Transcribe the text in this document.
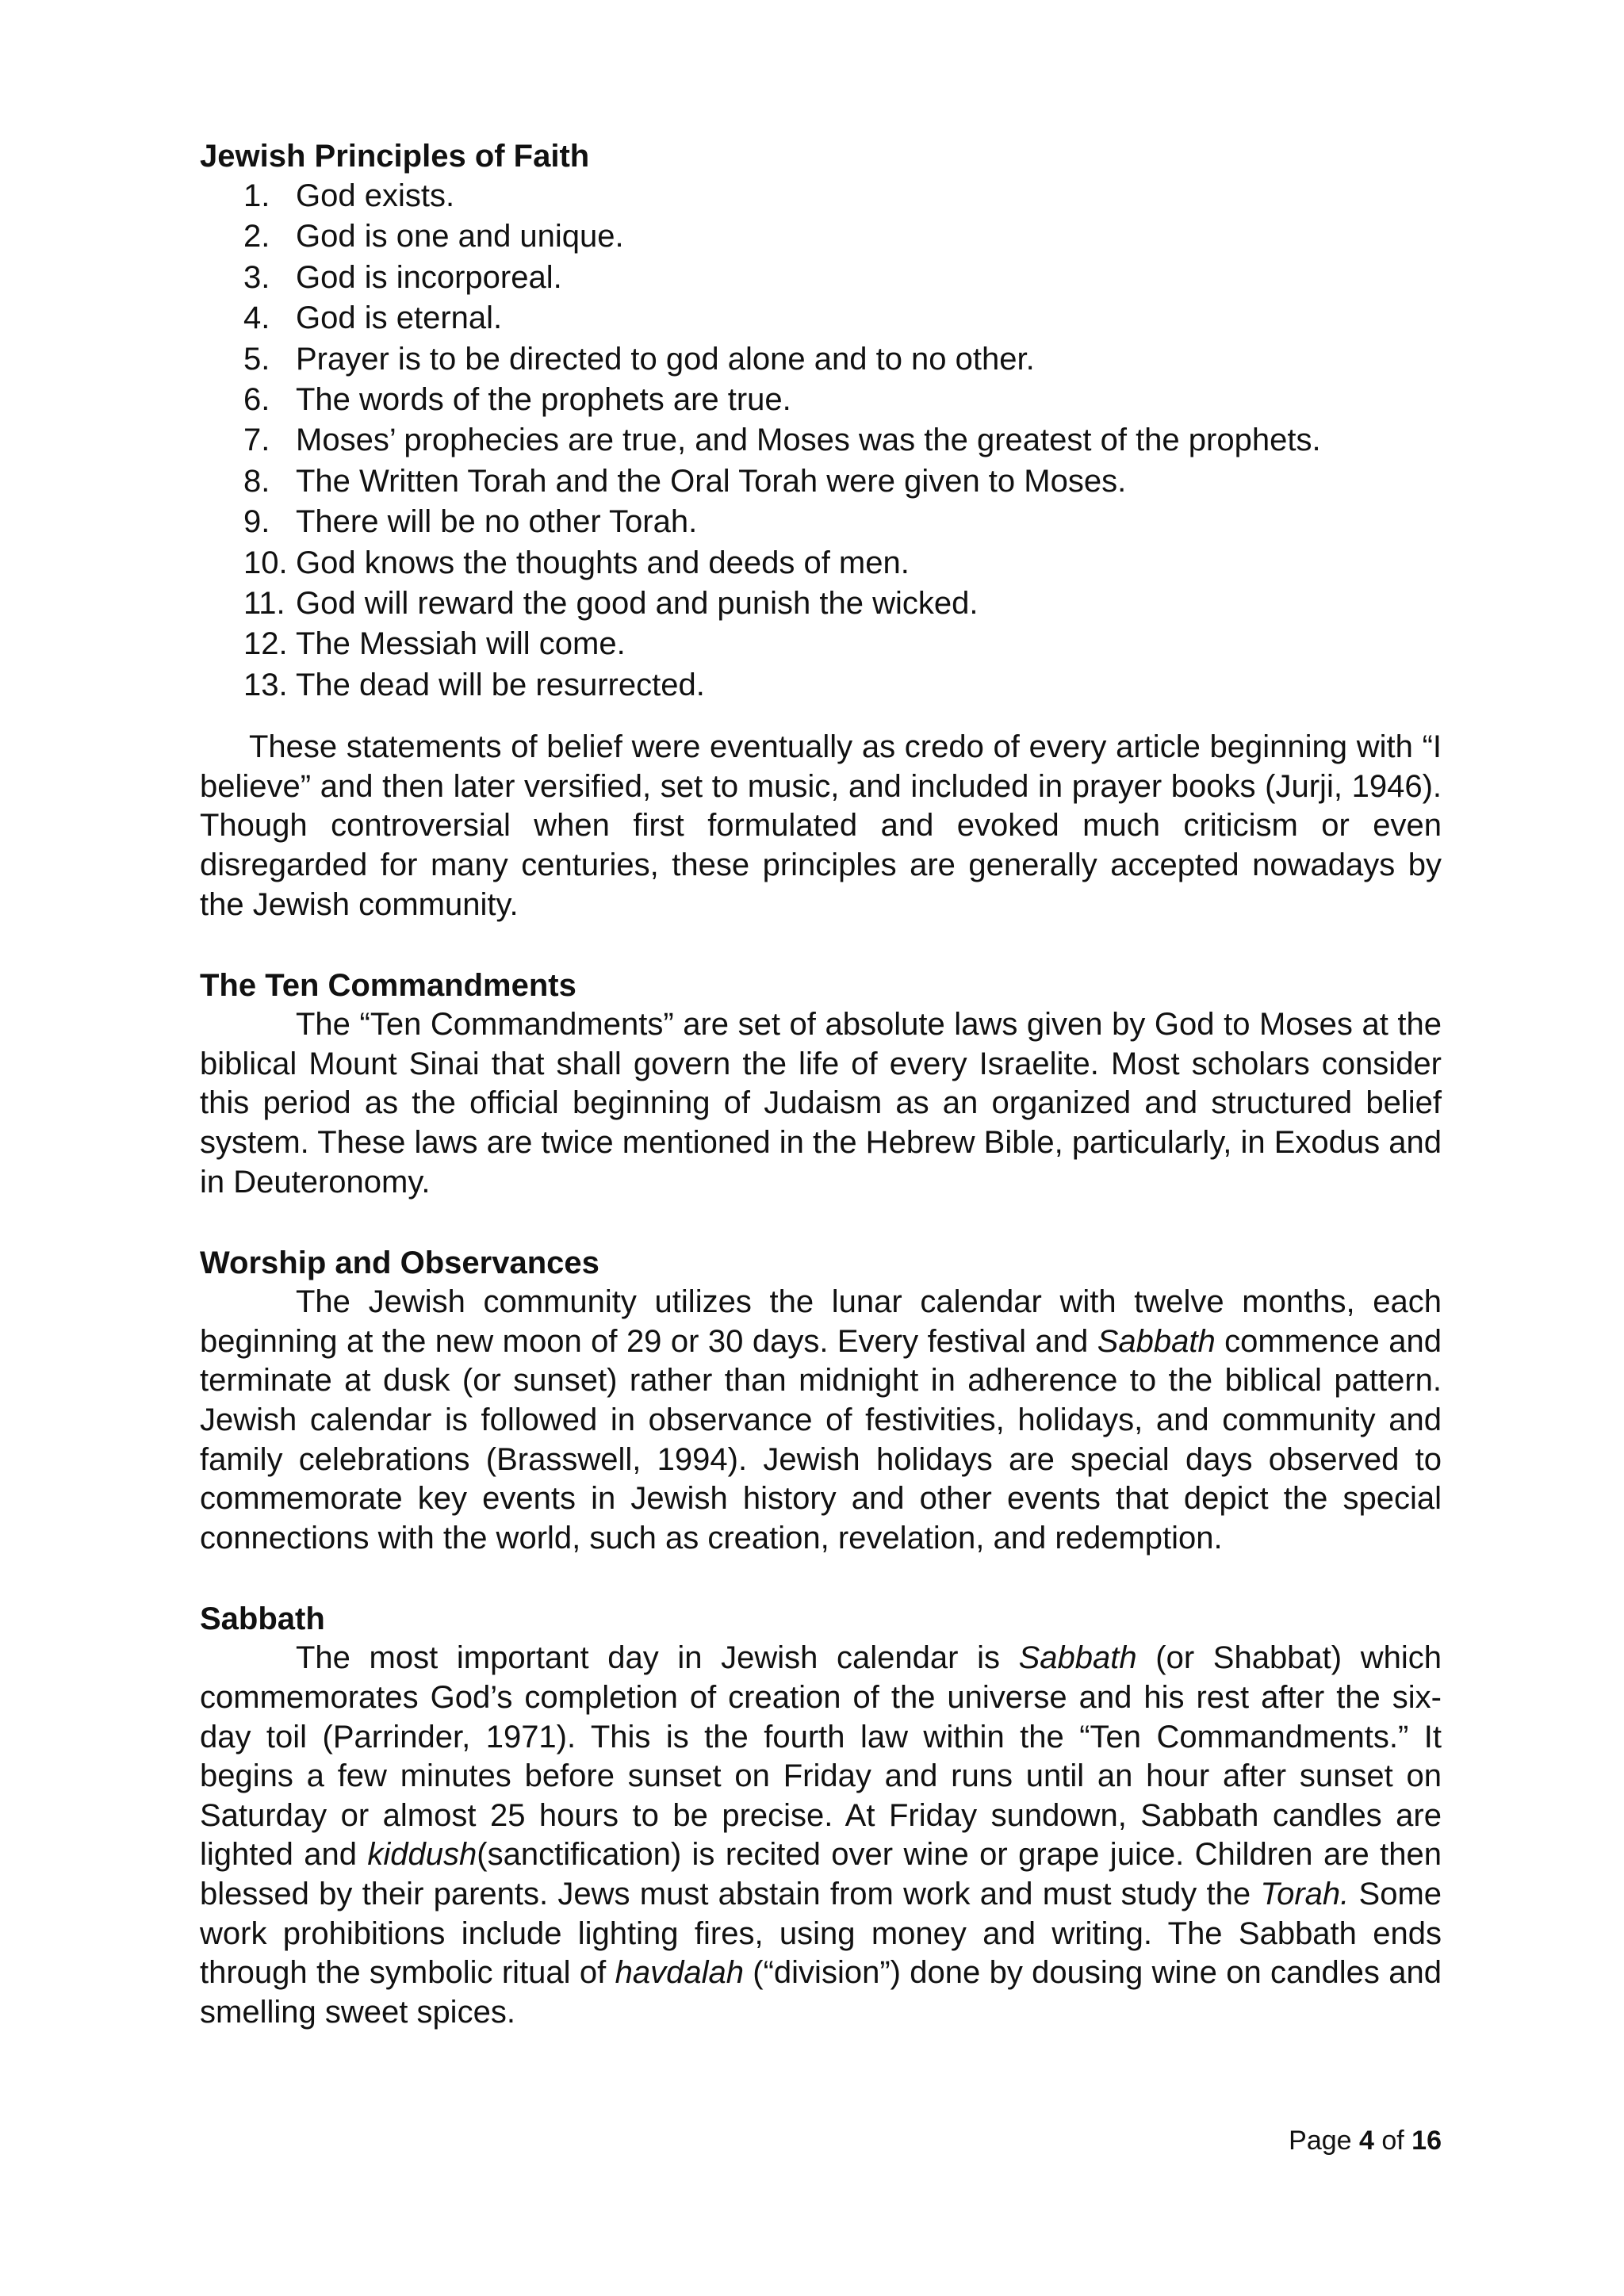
Jewish Principles of Faith
1. God exists.
2. God is one and unique.
3. God is incorporeal.
4. God is eternal.
5. Prayer is to be directed to god alone and to no other.
6. The words of the prophets are true.
7. Moses’ prophecies are true, and Moses was the greatest of the prophets.
8. The Written Torah and the Oral Torah were given to Moses.
9. There will be no other Torah.
10. God knows the thoughts and deeds of men.
11. God will reward the good and punish the wicked.
12. The Messiah will come.
13. The dead will be resurrected.

These statements of belief were eventually as credo of every article beginning with “I believe” and then later versified, set to music, and included in prayer books (Jurji, 1946). Though controversial when first formulated and evoked much criticism or even disregarded for many centuries, these principles are generally accepted nowadays by the Jewish community.

The Ten Commandments

The “Ten Commandments” are set of absolute laws given by God to Moses at the biblical Mount Sinai that shall govern the life of every Israelite. Most scholars consider this period as the official beginning of Judaism as an organized and structured belief system. These laws are twice mentioned in the Hebrew Bible, particularly, in Exodus and in Deuteronomy.

Worship and Observances

The Jewish community utilizes the lunar calendar with twelve months, each beginning at the new moon of 29 or 30 days. Every festival and Sabbath commence and terminate at dusk (or sunset) rather than midnight in adherence to the biblical pattern. Jewish calendar is followed in observance of festivities, holidays, and community and family celebrations (Brasswell, 1994). Jewish holidays are special days observed to commemorate key events in Jewish history and other events that depict the special connections with the world, such as creation, revelation, and redemption.

Sabbath

The most important day in Jewish calendar is Sabbath (or Shabbat) which commemorates God’s completion of creation of the universe and his rest after the six-day toil (Parrinder, 1971). This is the fourth law within the “Ten Commandments.” It begins a few minutes before sunset on Friday and runs until an hour after sunset on Saturday or almost 25 hours to be precise. At Friday sundown, Sabbath candles are lighted and kiddush(sanctification) is recited over wine or grape juice. Children are then blessed by their parents. Jews must abstain from work and must study the Torah. Some work prohibitions include lighting fires, using money and writing. The Sabbath ends through the symbolic ritual of havdalah (“division”) done by dousing wine on candles and smelling sweet spices.

Page 4 of 16
